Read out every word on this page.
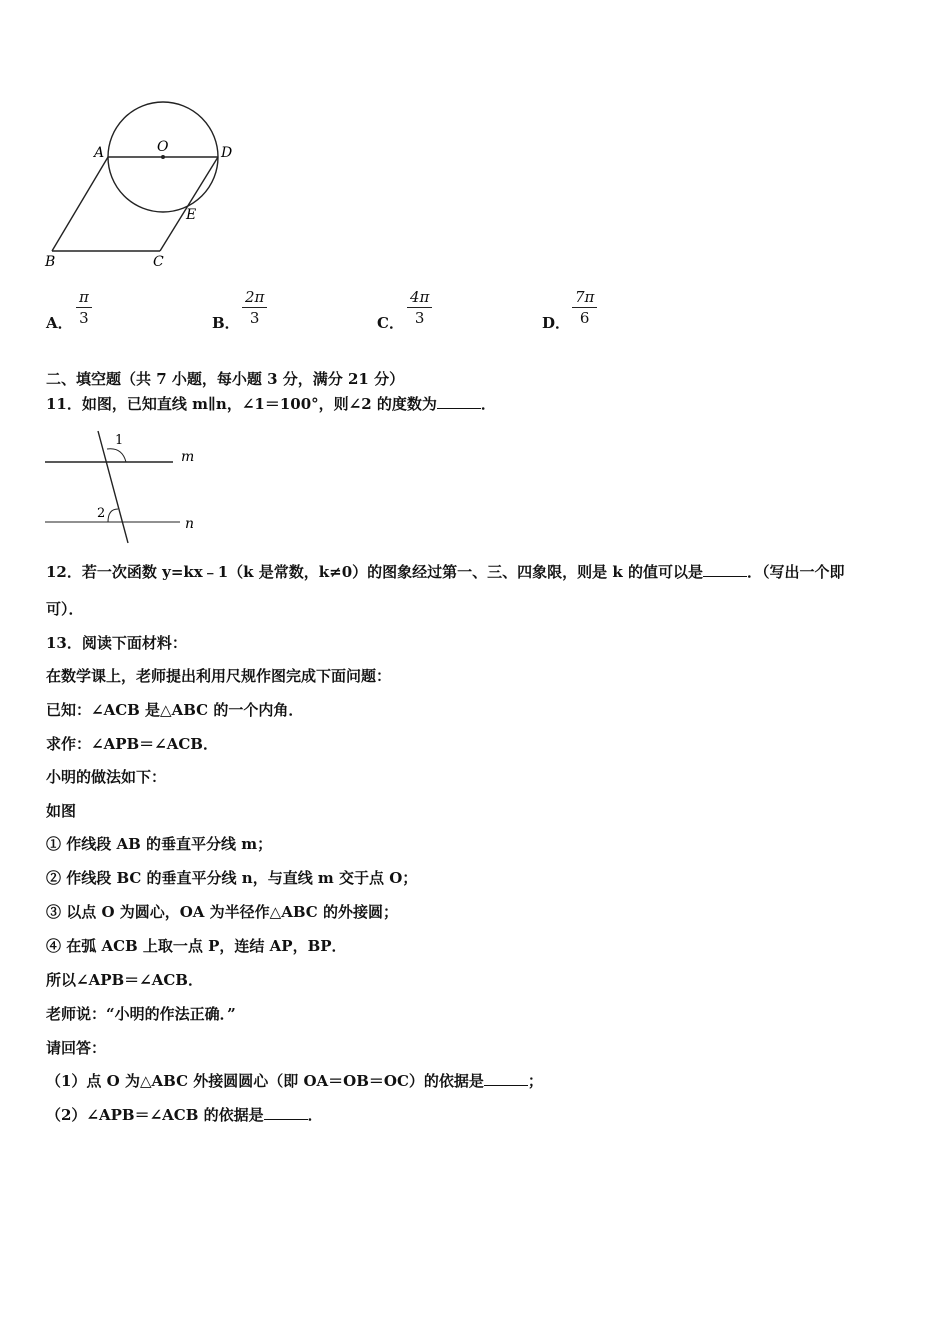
A	O	D
E
B	C
A．
π
3	B．
2π
3	C．
4π
3	D．
7π
6
二、填空题（共 7 小题，每小题 3 分，满分 21 分）
11．如图，已知直线 m∥n，∠1＝100°，则∠2 的度数为	．
1
2
m
n
12．若一次函数 y=kx﹣1（k 是常数，k≠0）的图象经过第一、三、四象限，则是 k 的值可以是	．（写出一个即
可）．
13．阅读下面材料：
在数学课上，老师提出利用尺规作图完成下面问题：
已知：∠ACB 是△ABC 的一个内角．
求作：∠APB＝∠ACB．
小明的做法如下：
如图
① 作线段 AB 的垂直平分线 m；
② 作线段 BC 的垂直平分线 n，与直线 m 交于点 O；
③ 以点 O 为圆心，OA 为半径作△ABC 的外接圆；
④ 在弧 ACB 上取一点 P，连结 AP，BP．
所以∠APB＝∠ACB．
老师说：“小明的作法正确．”
请回答：
（1）点 O 为△ABC 外接圆圆心（即 OA＝OB＝OC）的依据是	；
（2）∠APB＝∠ACB 的依据是	．
